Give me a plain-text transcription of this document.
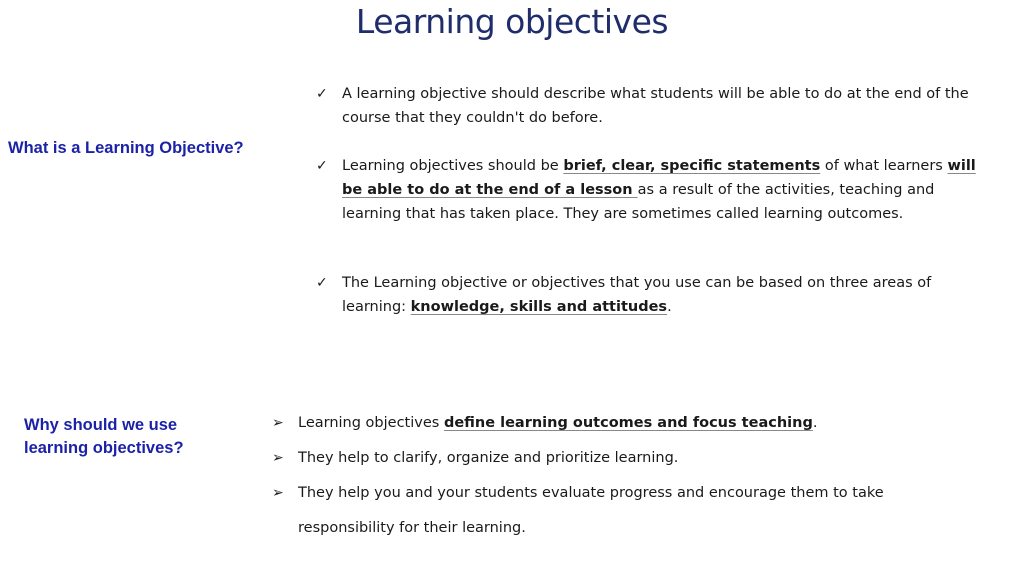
Learning objectives
What is a Learning Objective?
✓ A learning objective should describe what students will be able to do at the end of the course that they couldn't do before.
✓ Learning objectives should be brief, clear, specific statements of what learners will be able to do at the end of a lesson as a result of the activities, teaching and learning that has taken place. They are sometimes called learning outcomes.
✓ The Learning objective or objectives that you use can be based on three areas of learning: knowledge, skills and attitudes.
Why should we use learning objectives?
➢ Learning objectives define learning outcomes and focus teaching.
➢ They help to clarify, organize and prioritize learning.
➢ They help you and your students evaluate progress and encourage them to take responsibility for their learning.
